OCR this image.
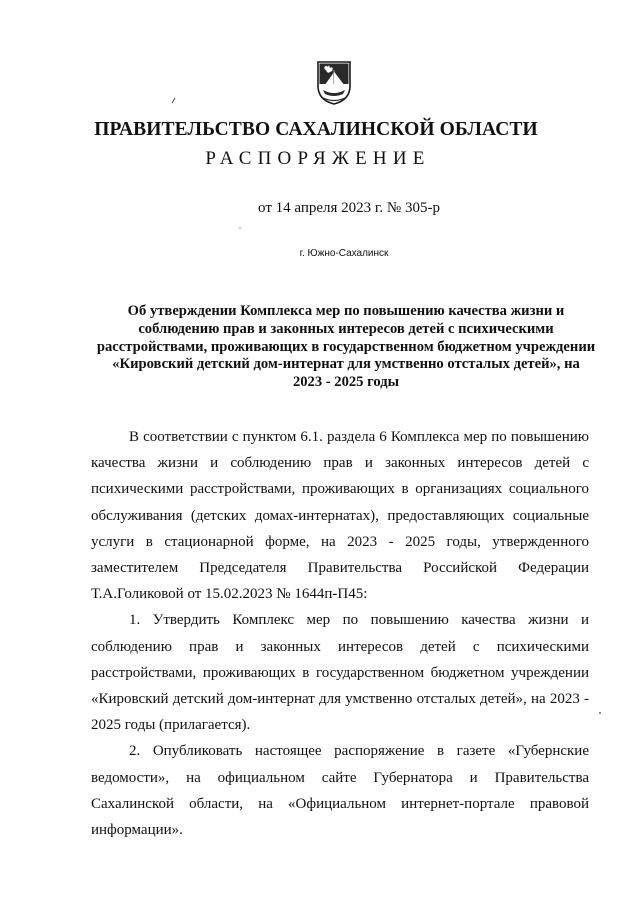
ПРАВИТЕЛЬСТВО САХАЛИНСКОЙ ОБЛАСТИ
РАСПОРЯЖЕНИЕ
от 14 апреля 2023 г. № 305-р
г. Южно-Сахалинск
Об утверждении Комплекса мер по повышению качества жизни и соблюдению прав и законных интересов детей с психическими расстройствами, проживающих в государственном бюджетном учреждении «Кировский детский дом-интернат для умственно отсталых детей», на 2023 - 2025 годы

В соответствии с пунктом 6.1. раздела 6 Комплекса мер по повышению качества жизни и соблюдению прав и законных интересов детей с психическими расстройствами, проживающих в организациях социального обслуживания (детских домах-интернатах), предоставляющих социальные услуги в стационарной форме, на 2023 - 2025 годы, утвержденного заместителем Председателя Правительства Российской Федерации Т.А.Голиковой от 15.02.2023 № 1644п-П45:

1. Утвердить Комплекс мер по повышению качества жизни и соблюдению прав и законных интересов детей с психическими расстройствами, проживающих в государственном бюджетном учреждении «Кировский детский дом-интернат для умственно отсталых детей», на 2023 - 2025 годы (прилагается).

2. Опубликовать настоящее распоряжение в газете «Губернские ведомости», на официальном сайте Губернатора и Правительства Сахалинской области, на «Официальном интернет-портале правовой информации».
